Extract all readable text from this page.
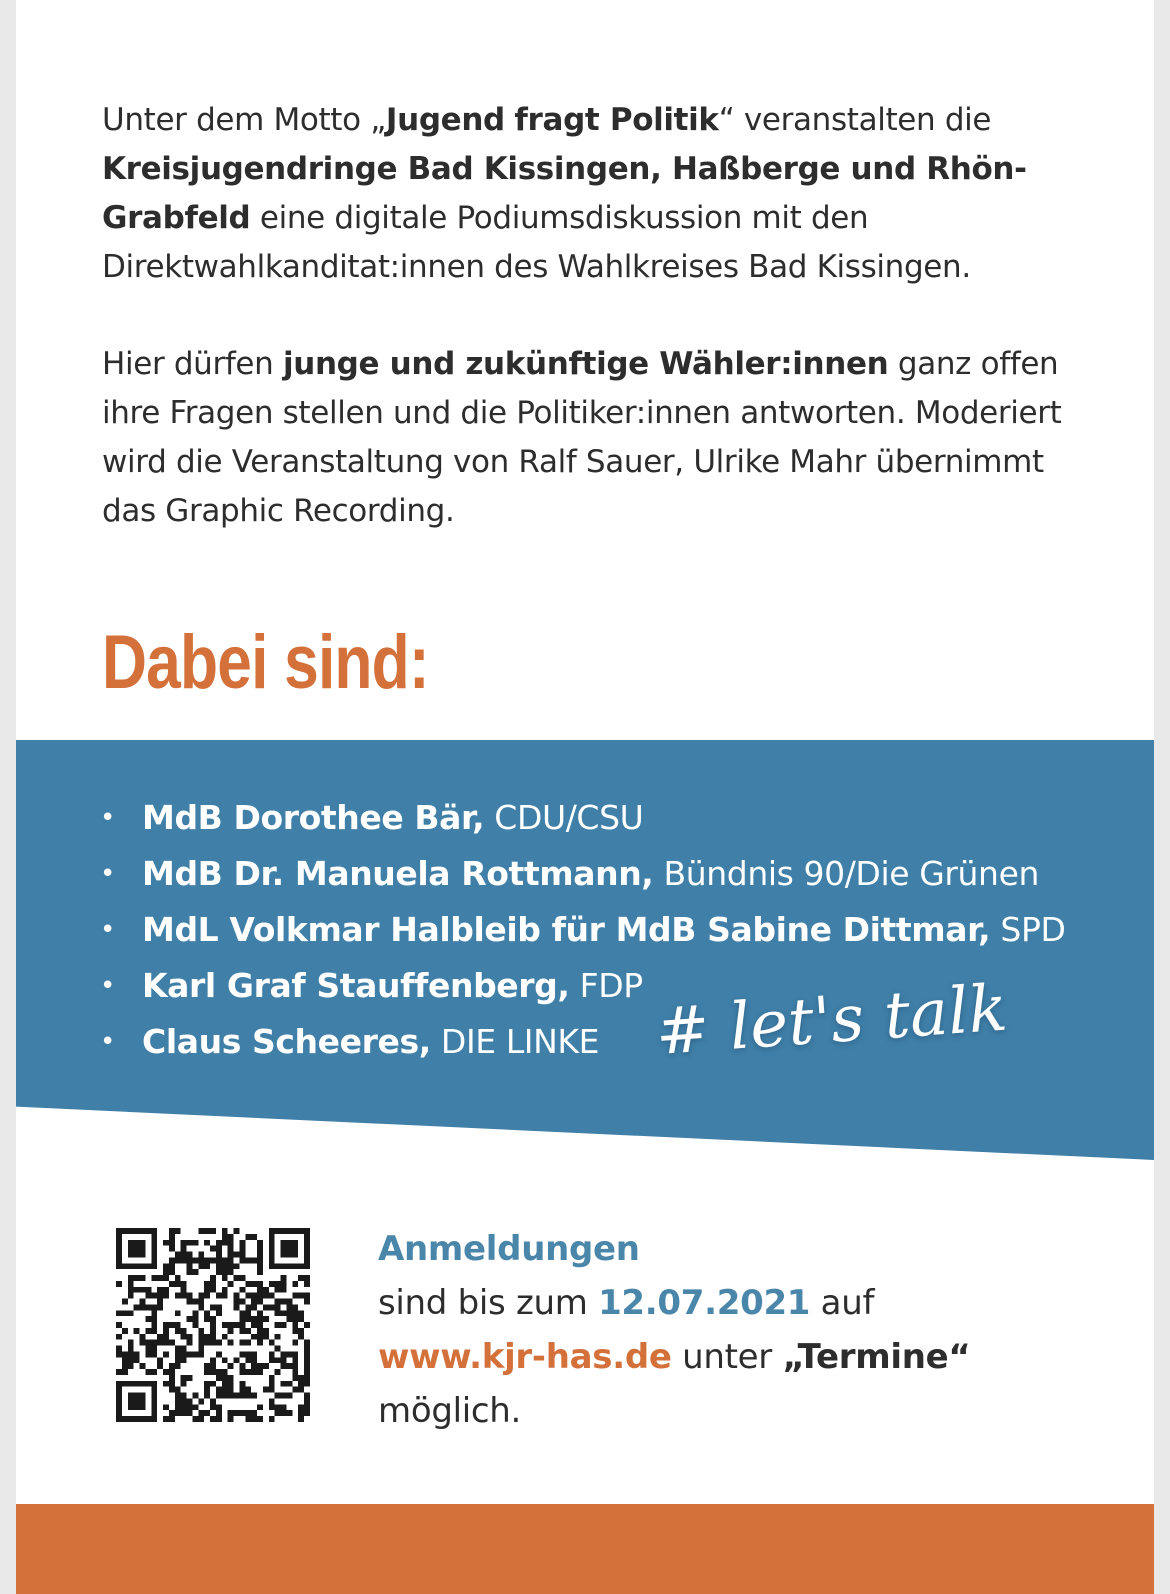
Unter dem Motto „Jugend fragt Politik“ veranstalten die Kreisjugendringe Bad Kissingen, Haßberge und Rhön-Grabfeld eine digitale Podiumsdiskussion mit den Direktwahlkanditat:innen des Wahlkreises Bad Kissingen.
Hier dürfen junge und zukünftige Wähler:innen ganz offen ihre Fragen stellen und die Politiker:innen antworten. Moderiert wird die Veranstaltung von Ralf Sauer, Ulrike Mahr übernimmt das Graphic Recording.
Dabei sind:
• MdB Dorothee Bär, CDU/CSU
• MdB Dr. Manuela Rottmann, Bündnis 90/Die Grünen
• MdL Volkmar Halbleib für MdB Sabine Dittmar, SPD
• Karl Graf Stauffenberg, FDP
• Claus Scheeres, DIE LINKE # let's talk
Anmeldungen
sind bis zum 12.07.2021 auf
www.kjr-has.de unter „Termine“
möglich.
